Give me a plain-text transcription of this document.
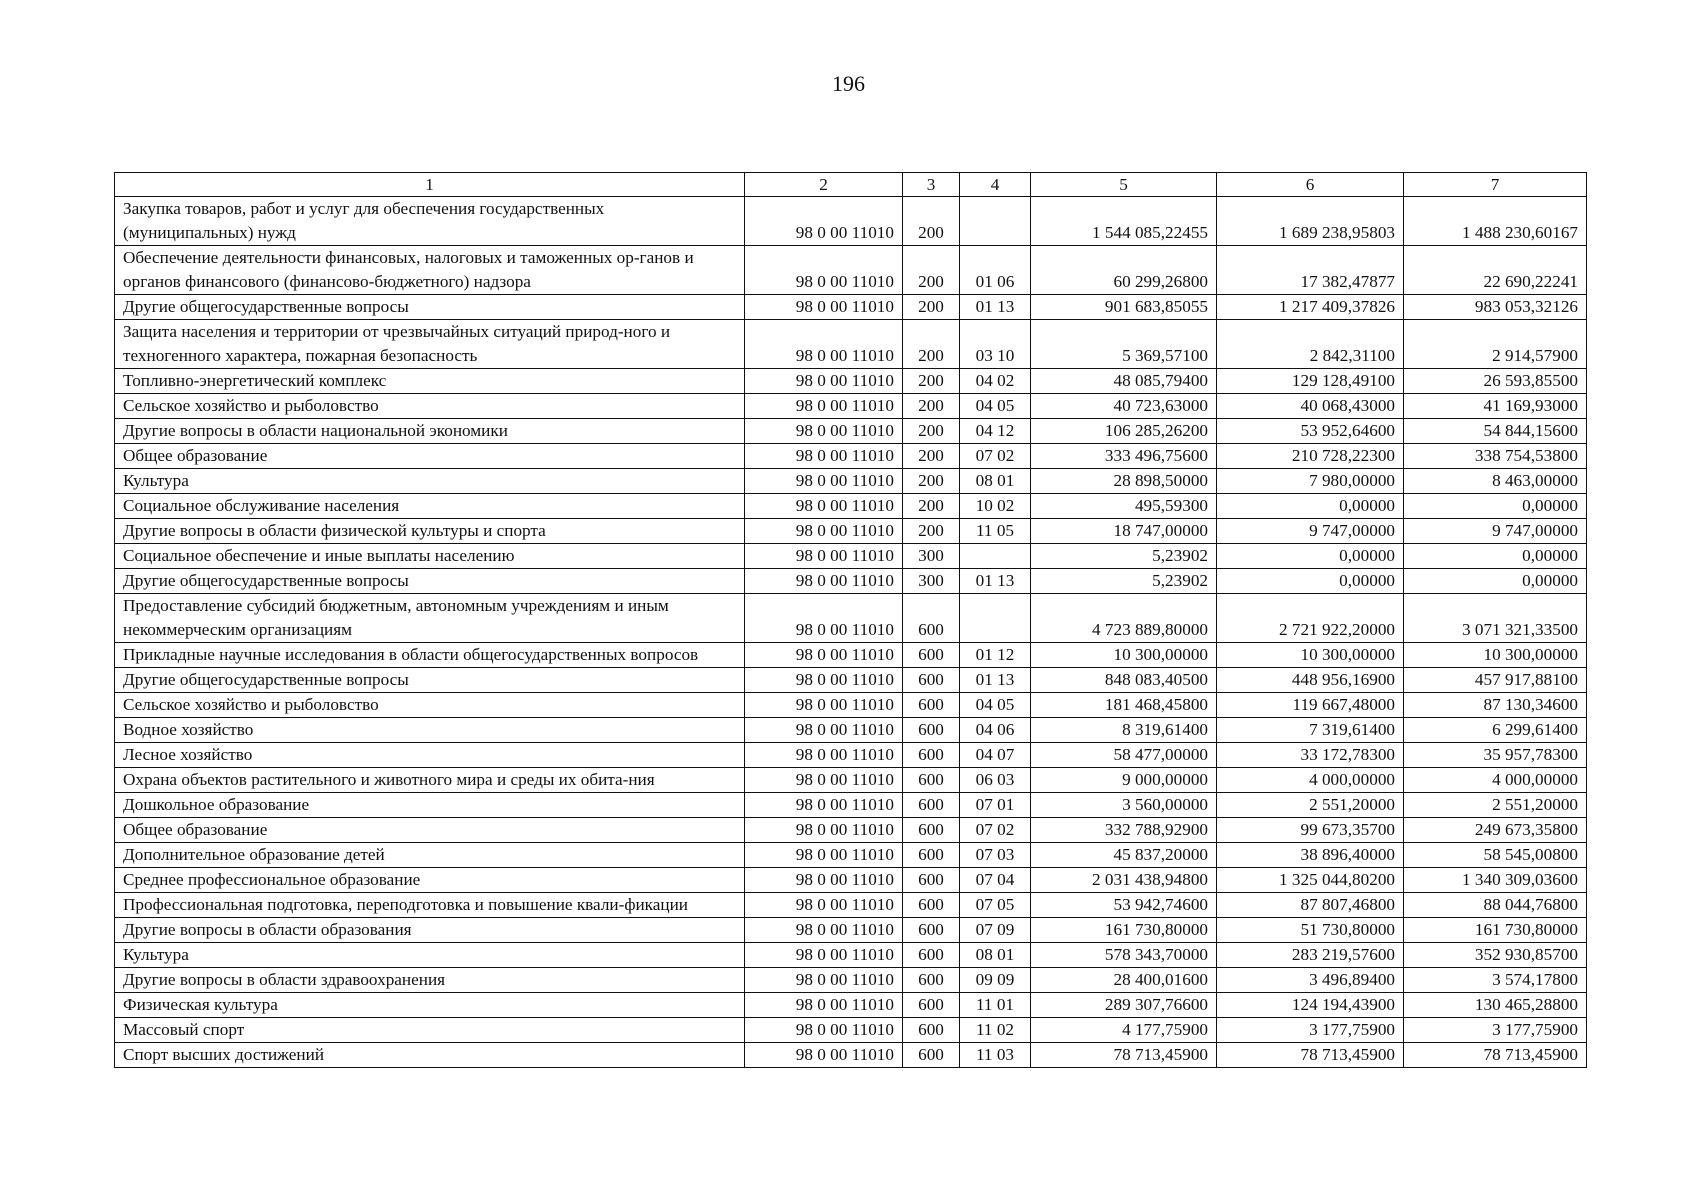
196
1	2	3	4	5	6	7
Закупка товаров, работ и услуг для обеспечения государственных (муниципальных) нужд	98 0 00 11010	200		1 544 085,22455	1 689 238,95803	1 488 230,60167
Обеспечение деятельности финансовых, налоговых и таможенных ор-ганов и органов финансового (финансово-бюджетного) надзора	98 0 00 11010	200	01 06	60 299,26800	17 382,47877	22 690,22241
Другие общегосударственные вопросы	98 0 00 11010	200	01 13	901 683,85055	1 217 409,37826	983 053,32126
Защита населения и территории от чрезвычайных ситуаций природ-ного и техногенного характера, пожарная безопасность	98 0 00 11010	200	03 10	5 369,57100	2 842,31100	2 914,57900
Топливно-энергетический комплекс	98 0 00 11010	200	04 02	48 085,79400	129 128,49100	26 593,85500
Сельское хозяйство и рыболовство	98 0 00 11010	200	04 05	40 723,63000	40 068,43000	41 169,93000
Другие вопросы в области национальной экономики	98 0 00 11010	200	04 12	106 285,26200	53 952,64600	54 844,15600
Общее образование	98 0 00 11010	200	07 02	333 496,75600	210 728,22300	338 754,53800
Культура	98 0 00 11010	200	08 01	28 898,50000	7 980,00000	8 463,00000
Социальное обслуживание населения	98 0 00 11010	200	10 02	495,59300	0,00000	0,00000
Другие вопросы в области физической культуры и спорта	98 0 00 11010	200	11 05	18 747,00000	9 747,00000	9 747,00000
Социальное обеспечение и иные выплаты населению	98 0 00 11010	300		5,23902	0,00000	0,00000
Другие общегосударственные вопросы	98 0 00 11010	300	01 13	5,23902	0,00000	0,00000
Предоставление субсидий бюджетным, автономным учреждениям и иным некоммерческим организациям	98 0 00 11010	600		4 723 889,80000	2 721 922,20000	3 071 321,33500
Прикладные научные исследования в области общегосударственных вопросов	98 0 00 11010	600	01 12	10 300,00000	10 300,00000	10 300,00000
Другие общегосударственные вопросы	98 0 00 11010	600	01 13	848 083,40500	448 956,16900	457 917,88100
Сельское хозяйство и рыболовство	98 0 00 11010	600	04 05	181 468,45800	119 667,48000	87 130,34600
Водное хозяйство	98 0 00 11010	600	04 06	8 319,61400	7 319,61400	6 299,61400
Лесное хозяйство	98 0 00 11010	600	04 07	58 477,00000	33 172,78300	35 957,78300
Охрана объектов растительного и животного мира и среды их обита-ния	98 0 00 11010	600	06 03	9 000,00000	4 000,00000	4 000,00000
Дошкольное образование	98 0 00 11010	600	07 01	3 560,00000	2 551,20000	2 551,20000
Общее образование	98 0 00 11010	600	07 02	332 788,92900	99 673,35700	249 673,35800
Дополнительное образование детей	98 0 00 11010	600	07 03	45 837,20000	38 896,40000	58 545,00800
Среднее профессиональное образование	98 0 00 11010	600	07 04	2 031 438,94800	1 325 044,80200	1 340 309,03600
Профессиональная подготовка, переподготовка и повышение квали-фикации	98 0 00 11010	600	07 05	53 942,74600	87 807,46800	88 044,76800
Другие вопросы в области образования	98 0 00 11010	600	07 09	161 730,80000	51 730,80000	161 730,80000
Культура	98 0 00 11010	600	08 01	578 343,70000	283 219,57600	352 930,85700
Другие вопросы в области здравоохранения	98 0 00 11010	600	09 09	28 400,01600	3 496,89400	3 574,17800
Физическая культура	98 0 00 11010	600	11 01	289 307,76600	124 194,43900	130 465,28800
Массовый спорт	98 0 00 11010	600	11 02	4 177,75900	3 177,75900	3 177,75900
Спорт высших достижений	98 0 00 11010	600	11 03	78 713,45900	78 713,45900	78 713,45900
